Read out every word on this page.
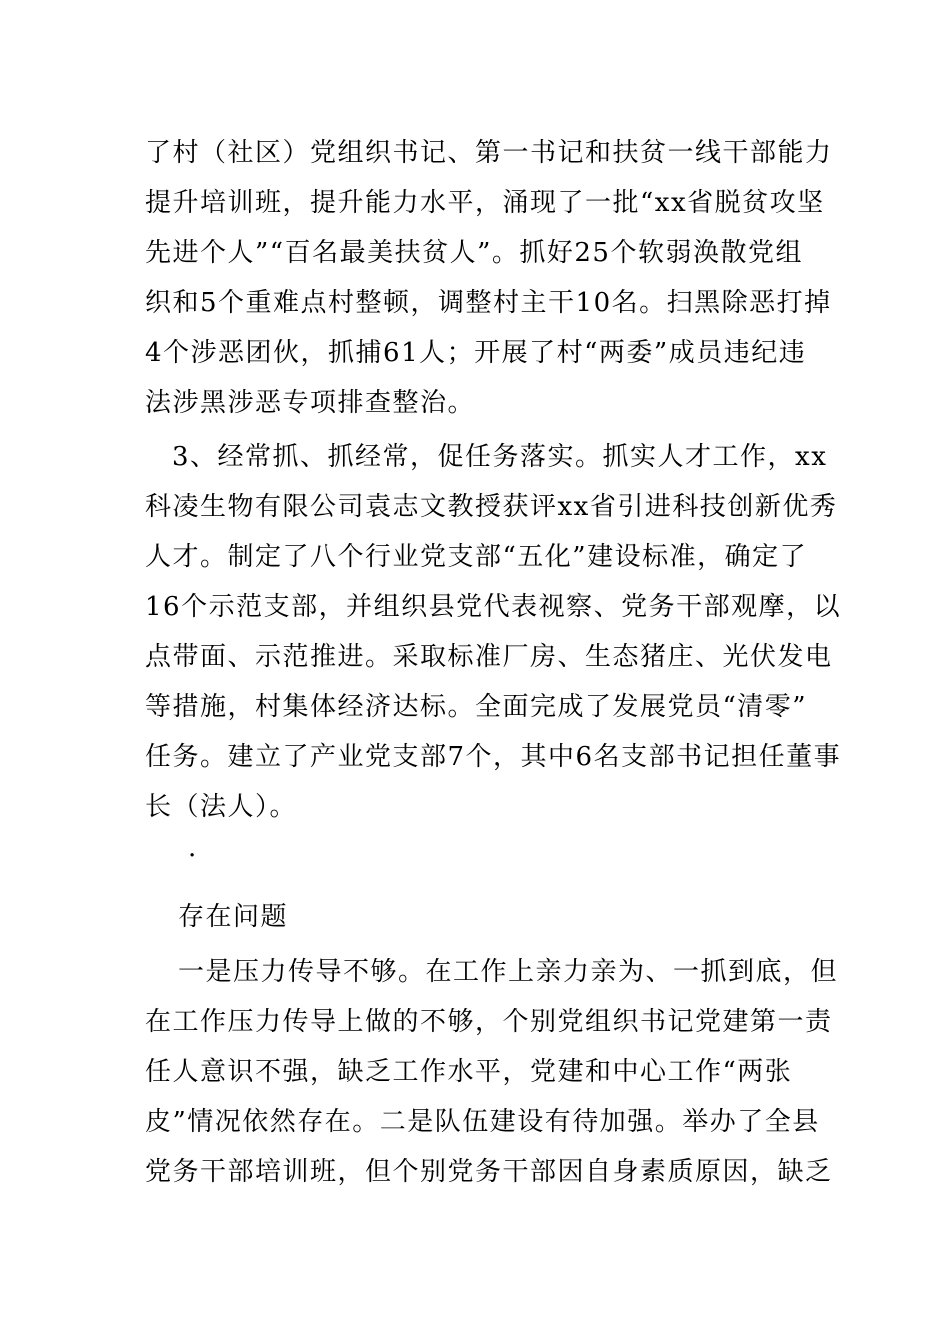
了村（社区）党组织书记、第一书记和扶贫一线干部能力
提升培训班，提升能力水平，涌现了一批“xx省脱贫攻坚
先进个人”“百名最美扶贫人”。抓好25个软弱涣散党组
织和5个重难点村整顿，调整村主干10名。扫黑除恶打掉
4个涉恶团伙，抓捕61人；开展了村“两委”成员违纪违
法涉黑涉恶专项排查整治。
3、经常抓、抓经常，促任务落实。抓实人才工作，xx
科凌生物有限公司袁志文教授获评xx省引进科技创新优秀
人才。制定了八个行业党支部“五化”建设标准，确定了
16个示范支部，并组织县党代表视察、党务干部观摩，以
点带面、示范推进。采取标准厂房、生态猪庄、光伏发电
等措施，村集体经济达标。全面完成了发展党员“清零”
任务。建立了产业党支部7个，其中6名支部书记担任董事
长（法人）。
·
存在问题
一是压力传导不够。在工作上亲力亲为、一抓到底，但
在工作压力传导上做的不够，个别党组织书记党建第一责
任人意识不强，缺乏工作水平，党建和中心工作“两张
皮”情况依然存在。二是队伍建设有待加强。举办了全县
党务干部培训班，但个别党务干部因自身素质原因，缺乏
